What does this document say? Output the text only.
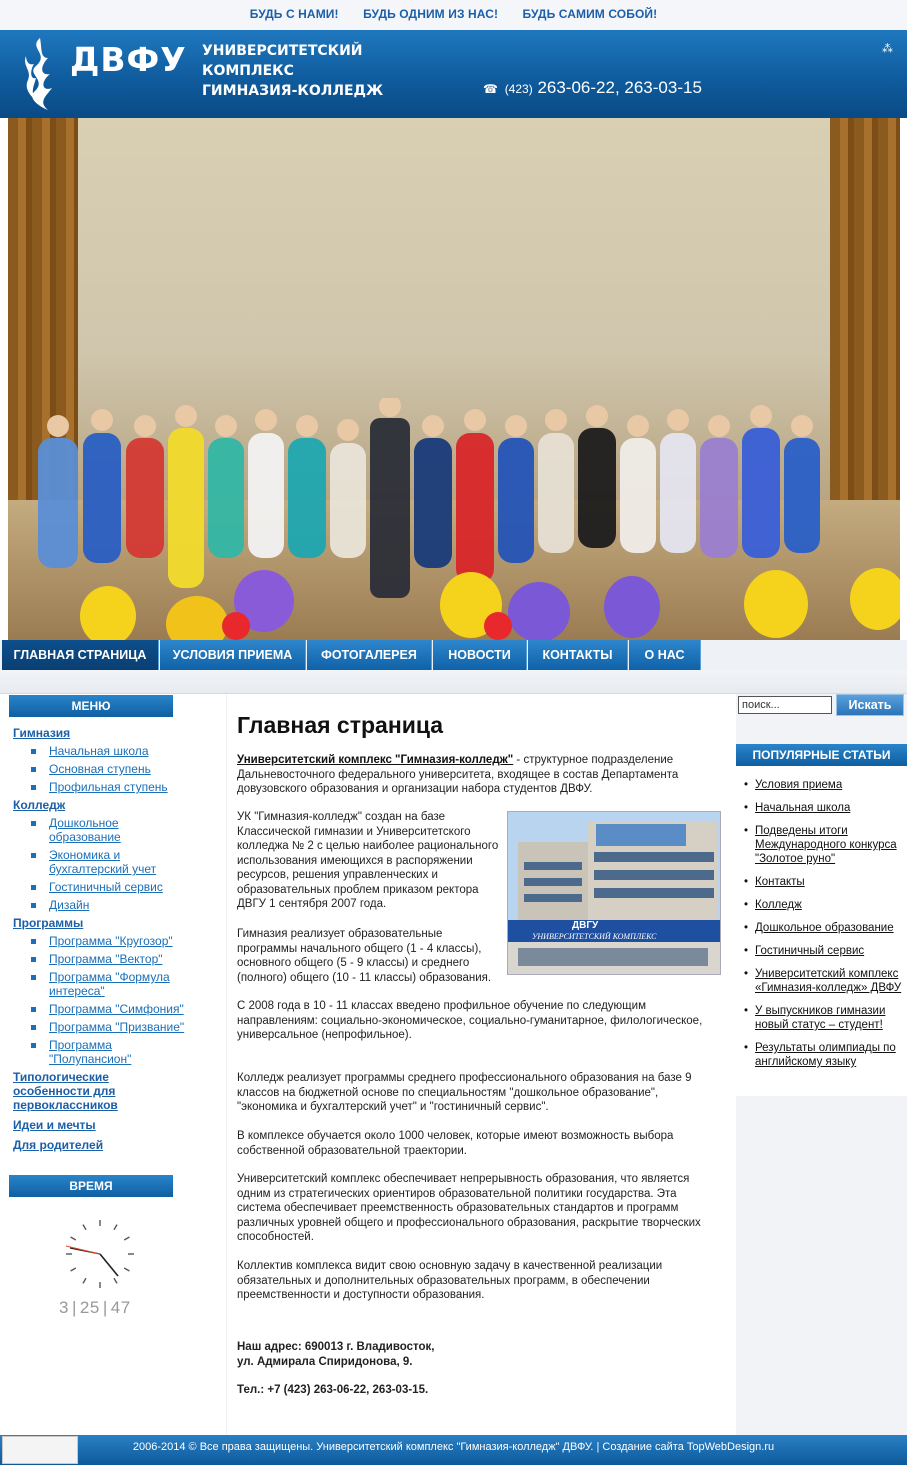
БУДЬ С НАМИ! БУДЬ ОДНИМ ИЗ НАС! БУДЬ САМИМ СОБОЙ!
ДВФУ УНИВЕРСИТЕТСКИЙ
КОМПЛЕКС
ГИМНАЗИЯ-КОЛЛЕДЖ	☎ (423) 263-06-22, 263-03-15
⁂
ГЛАВНАЯ СТРАНИЦА	УСЛОВИЯ ПРИЕМА	ФОТОГАЛЕРЕЯ	НОВОСТИ	КОНТАКТЫ	О НАС
МЕНЮ
Гимназия
Начальная школа
Основная ступень
Профильная ступень
Колледж
Дошкольное образование
Экономика и бухгалтерский учет
Гостиничный сервис
Дизайн
Программы
Программа "Кругозор"
Программа "Вектор"
Программа "Формула интереса"
Программа "Симфония"
Программа "Призвание"
Программа "Полупансион"
Типологические особенности для первоклассников
Идеи и мечты
Для родителей
ВРЕМЯ
3 | 25 | 47
Главная страница

Университетский комплекс "Гимназия-колледж" - структурное подразделение Дальневосточного федерального университета, входящее в состав Департамента довузовского образования и организации набора студентов ДВФУ.

УК "Гимназия-колледж" создан на базе Классической гимназии и Университетского колледжа № 2 с целью наиболее рационального использования имеющихся в распоряжении ресурсов, решения управленческих и образовательных проблем приказом ректора ДВГУ 1 сентября 2007 года.

Гимназия реализует образовательные программы начального общего (1 - 4 классы), основного общего (5 - 9 классы) и среднего (полного) общего (10 - 11 классы) образования.

ДВГУ
УНИВЕРСИТЕТСКИЙ КОМПЛЕКС

С 2008 года в 10 - 11 классах введено профильное обучение по следующим направлениям: социально-экономическое, социально-гуманитарное, филологическое, универсальное (непрофильное).

Колледж реализует программы среднего профессионального образования на базе 9 классов на бюджетной основе по специальностям "дошкольное образование", "экономика и бухгалтерский учет" и "гостиничный сервис".

В комплексе обучается около 1000 человек, которые имеют возможность выбора собственной образовательной траектории.

Университетский комплекс обеспечивает непрерывность образования, что является одним из стратегических ориентиров образовательной политики государства. Эта система обеспечивает преемственность образовательных стандартов и программ различных уровней общего и профессионального образования, раскрытие творческих способностей.

Коллектив комплекса видит свою основную задачу в качественной реализации обязательных и дополнительных образовательных программ, в обеспечении преемственности и доступности образования.

Наш адрес: 690013 г. Владивосток,
ул. Адмирала Спиридонова, 9.

Тел.: +7 (423) 263-06-22, 263-03-15.

поиск...
Искать
ПОПУЛЯРНЫЕ СТАТЬИ
• Условия приема
• Начальная школа
• Подведены итоги Международного конкурса "Золотое руно"
• Контакты
• Колледж
• Дошкольное образование
• Гостиничный сервис
• Университетский комплекс «Гимназия-колледж» ДВФУ
• У выпускников гимназии новый статус – студент!
• Результаты олимпиады по английскому языку
2006-2014 © Все права защищены. Университетский комплекс "Гимназия-колледж" ДВФУ. | Создание сайта TopWebDesign.ru
